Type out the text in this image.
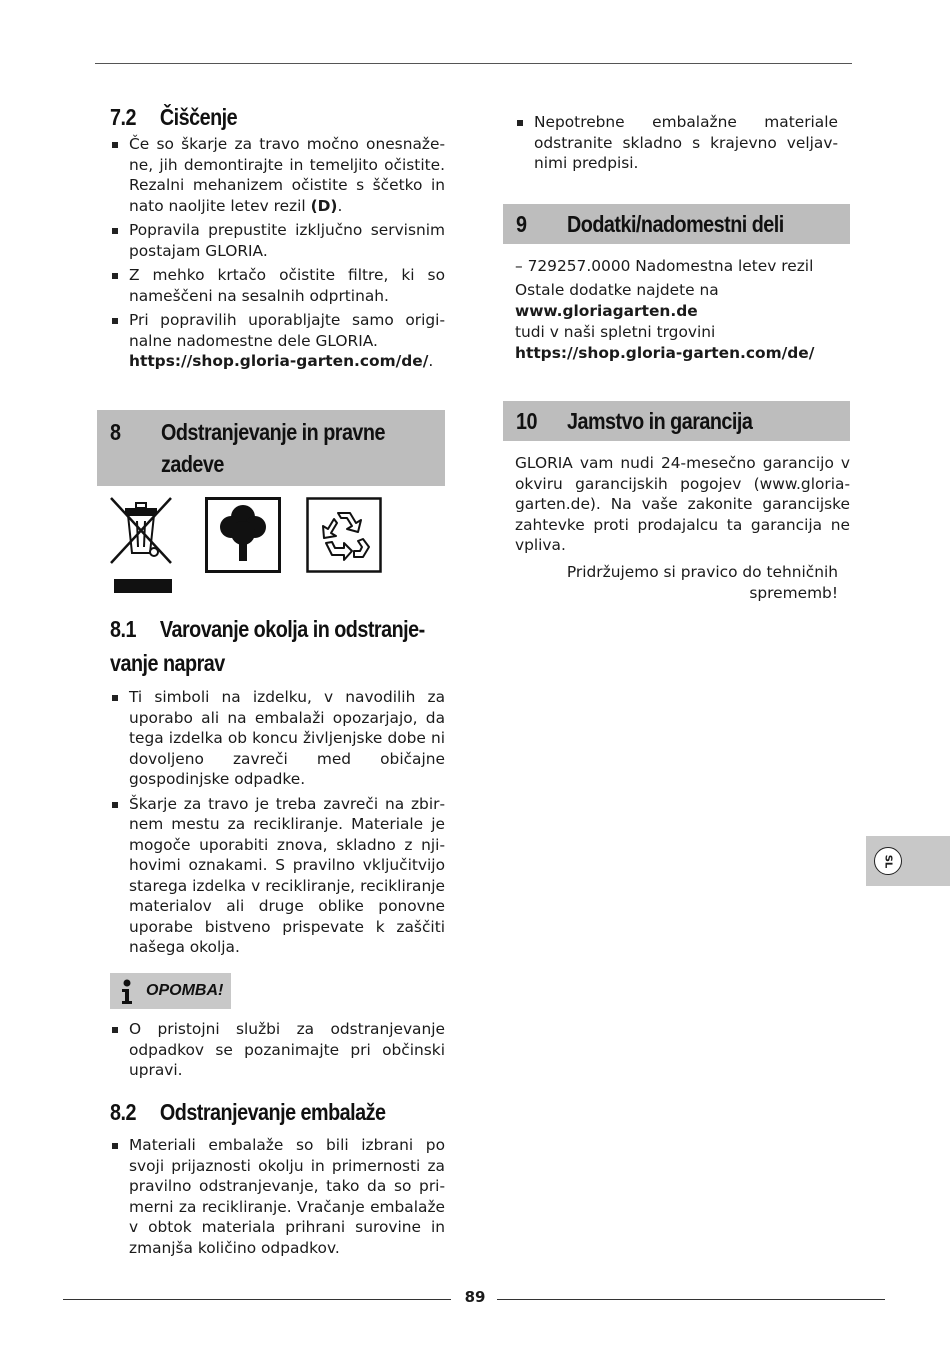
7.2 Čiščenje
Če so škarje za travo močno onesnažene, jih demontirajte in temeljito očistite. Rezalni mehanizem očistite s ščetko in nato naoljite letev rezil (D).
Popravila prepustite izključno servisnim postajam GLORIA.
Z mehko krtačo očistite filtre, ki so nameščeni na sesalnih odprtinah.
Pri popravilih uporabljajte samo originalne nadomestne dele GLORIA.
https://shop.gloria-garten.com/de/.
8 Odstranjevanje in pravne
zadeve
8.1 Varovanje okolja in odstranje-
vanje naprav
Ti simboli na izdelku, v navodilih za uporabo ali na embalaži opozarjajo, da tega izdelka ob koncu življenjske dobe ni dovoljeno zavreči med običajne gospodinjske odpadke.
Škarje za travo je treba zavreči na zbirnem mestu za recikliranje. Materiale je mogoče uporabiti znova, skladno z njihovimi oznakami. S pravilno vključitvijo starega izdelka v recikliranje, recikliranje materialov ali druge oblike ponovne uporabe bistveno prispevate k zaščiti našega okolja.
OPOMBA!
O pristojni službi za odstranjevanje odpadkov se pozanimajte pri občinski upravi.
8.2 Odstranjevanje embalaže
Materiali embalaže so bili izbrani po svoji prijaznosti okolju in primernosti za pravilno odstranjevanje, tako da so primerni za recikliranje. Vračanje embalaže v obtok materiala prihrani surovine in zmanjša količino odpadkov.
Nepotrebne embalažne materiale odstranite skladno s krajevno veljavnimi predpisi.
9 Dodatki/nadomestni deli

– 729257.0000 Nadomestna letev rezil

Ostale dodatke najdete na

www.gloriagarten.de

tudi v naši spletni trgovini

https://shop.gloria-garten.com/de/

10 Jamstvo in garancija

GLORIA vam nudi 24-mesečno garancijo v okviru garancijskih pogojev (www.gloriagarten.de). Na vaše zakonite garancijske zahtevke proti prodajalcu ta garancija ne vpliva.

Pridržujemo si pravico do tehničnih

sprememb!

SL
89
